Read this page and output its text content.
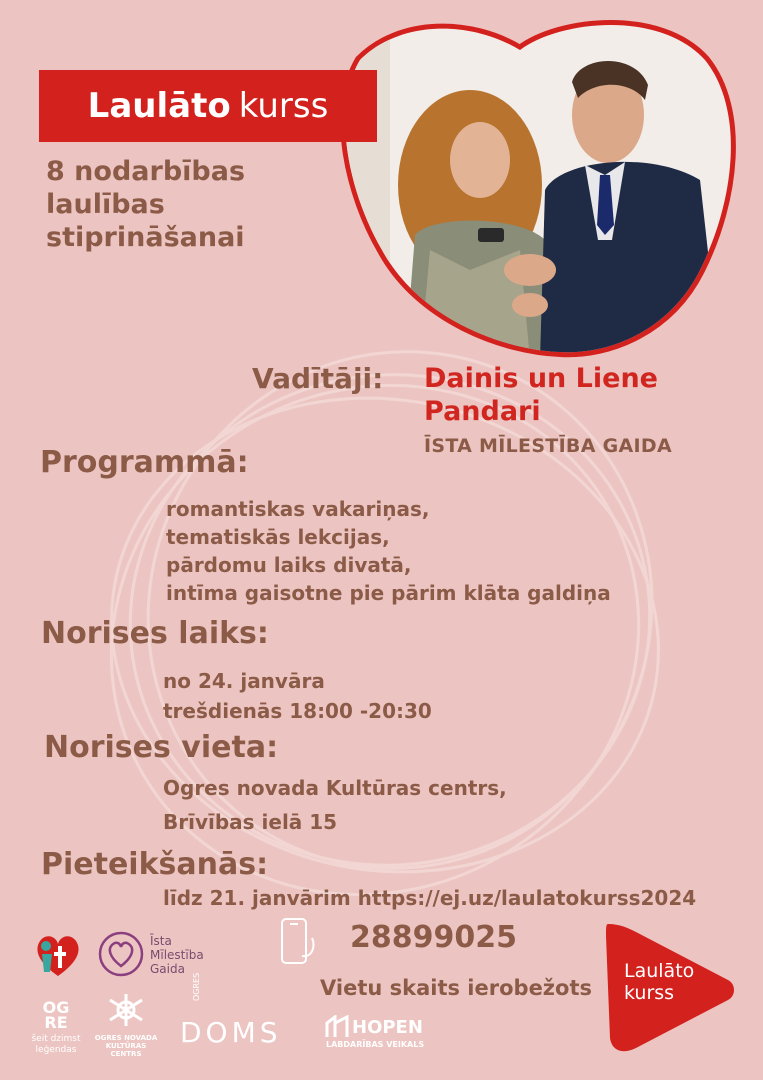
Laulāto kurss
8 nodarbības
laulības
stiprināšanai
Vadītāji: Dainis un Liene
Pandari
ĪSTA MĪLESTĪBA GAIDA
Programmā:
romantiskas vakariņas,
tematiskās lekcijas,
pārdomu laiks divatā,
intīma gaisotne pie pārim klāta galdiņa
Norises laiks:
no 24. janvāra
trešdienās 18:00 -20:30
Norises vieta:
Ogres novada Kultūras centrs,
Brīvības ielā 15
Pieteikšanās:
līdz 21. janvārim https://ej.uz/laulatokurss2024
28899025
Vietu skaits ierobežots
Īsta
Mīlestība
Gaida
OG
RE
šeit dzimst
leģendas
OGRES NOVADA
KULTŪRAS CENTRS
OGRES
DOMS	HOPEN
LABDARĪBAS VEIKALS
Laulāto
kurss
